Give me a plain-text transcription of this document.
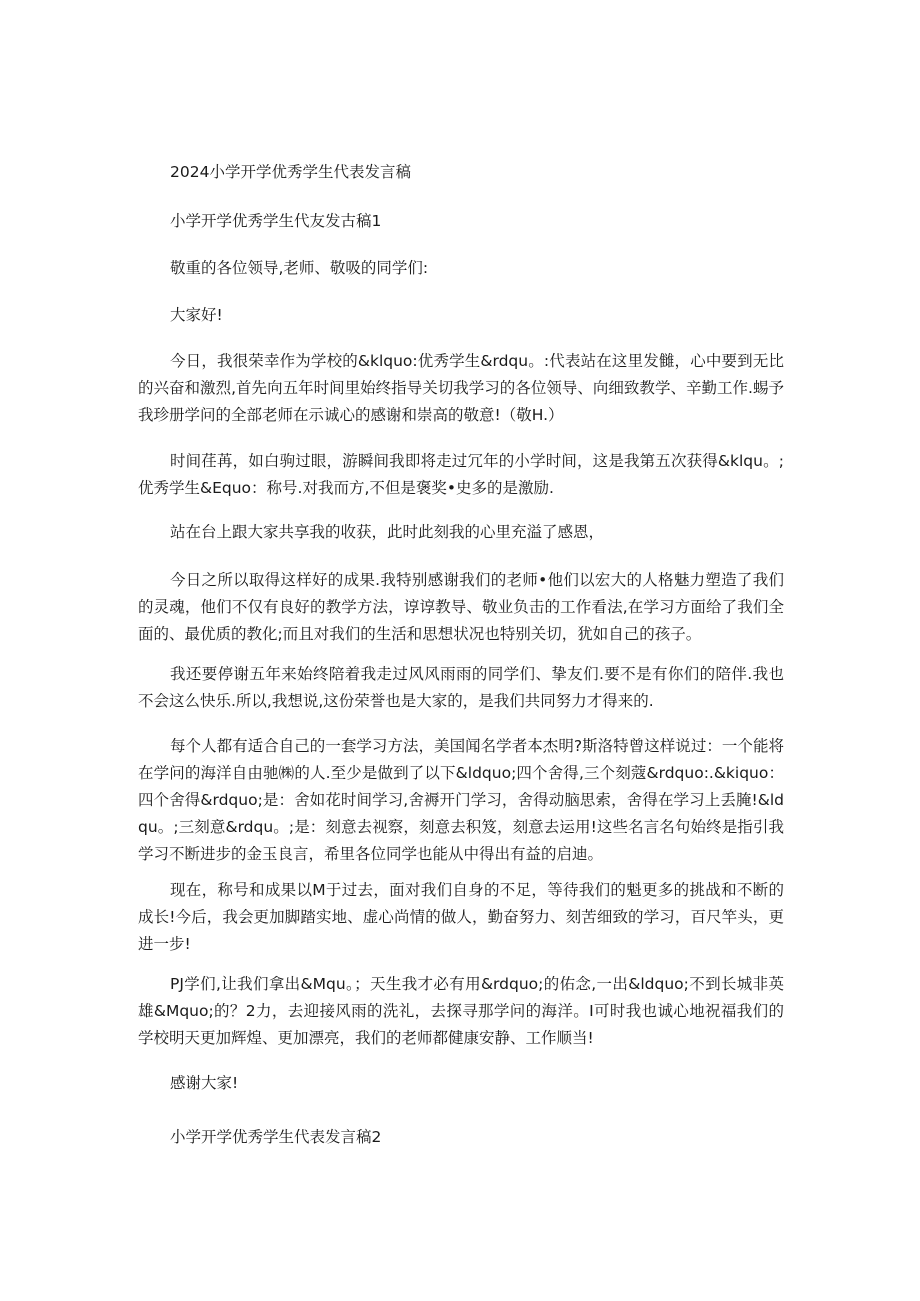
2024小学开学优秀学生代表发言稿

小学开学优秀学生代友发古稿1

敬重的各位领导,老师、敬吸的同学们:

大家好!

今日，我很荣幸作为学校的&klquo:优秀学生&rdqu。:代表站在这里发雠，心中要到无比的兴奋和激烈,首先向五年时间里始终指导关切我学习的各位领导、向细致教学、辛勤工作.蜴予我珍册学问的全部老师在示诚心的感谢和崇高的敬意!（敬H.）

时间荏苒，如白驹过眼，游瞬间我即将走过冗年的小学时间，这是我第五次获得&klqu。;优秀学生&Equo：称号.对我而方,不但是褒奖•史多的是激励.

站在台上跟大家共享我的收获，此时此刻我的心里充溢了感恩，

今日之所以取得这样好的成果.我特别感谢我们的老师•他们以宏大的人格魅力塑造了我们的灵魂，他们不仅有良好的教学方法，谆谆教导、敬业负击的工作看法,在学习方面给了我们全面的、最优质的教化;而且对我们的生活和思想状况也特别关切，犹如自己的孩子。

我还要停谢五年来始终陪着我走过风风雨雨的同学们、挚友们.要不是有你们的陪伴.我也不会这么快乐.所以,我想说,这份荣誉也是大家的，是我们共同努力才得来的.

每个人都有适合自己的一套学习方法，美国闻名学者本杰明?斯洛特曾这样说过：一个能将在学问的海洋自由驰㈱的人.至少是做到了以下&ldquo;四个舍得,三个刻蔻&rdquo:.&kiquo：四个舍得&rdquo;是：舍如花时间学习,舍褥开门学习，舍得动脑思索，舍得在学习上丢腌!&ldqu。;三刻意&rdqu。;是：刻意去视察，刻意去积笈，刻意去运用!这些名言名句始终是指引我学习不断进步的金玉良言，希里各位同学也能从中得出有益的启迪。

现在，称号和成果以M于过去，面对我们自身的不足，等待我们的魁更多的挑战和不断的成长!今后，我会更加脚踏实地、虚心尚情的做人，勤奋努力、刻苦细致的学习，百尺竿头，更进一步!

PJ学们,让我们拿出&Mqu。；天生我才必有用&rdquo;的佑念,一出&ldquo;不到长城非英雄&Mquo;的？2力，去迎接风雨的洗礼，去探寻那学问的海洋。I可时我也诚心地祝福我们的学校明天更加辉煌、更加漂亮，我们的老师都健康安静、工作顺当!

感谢大家!

小学开学优秀学生代表发言稿2
